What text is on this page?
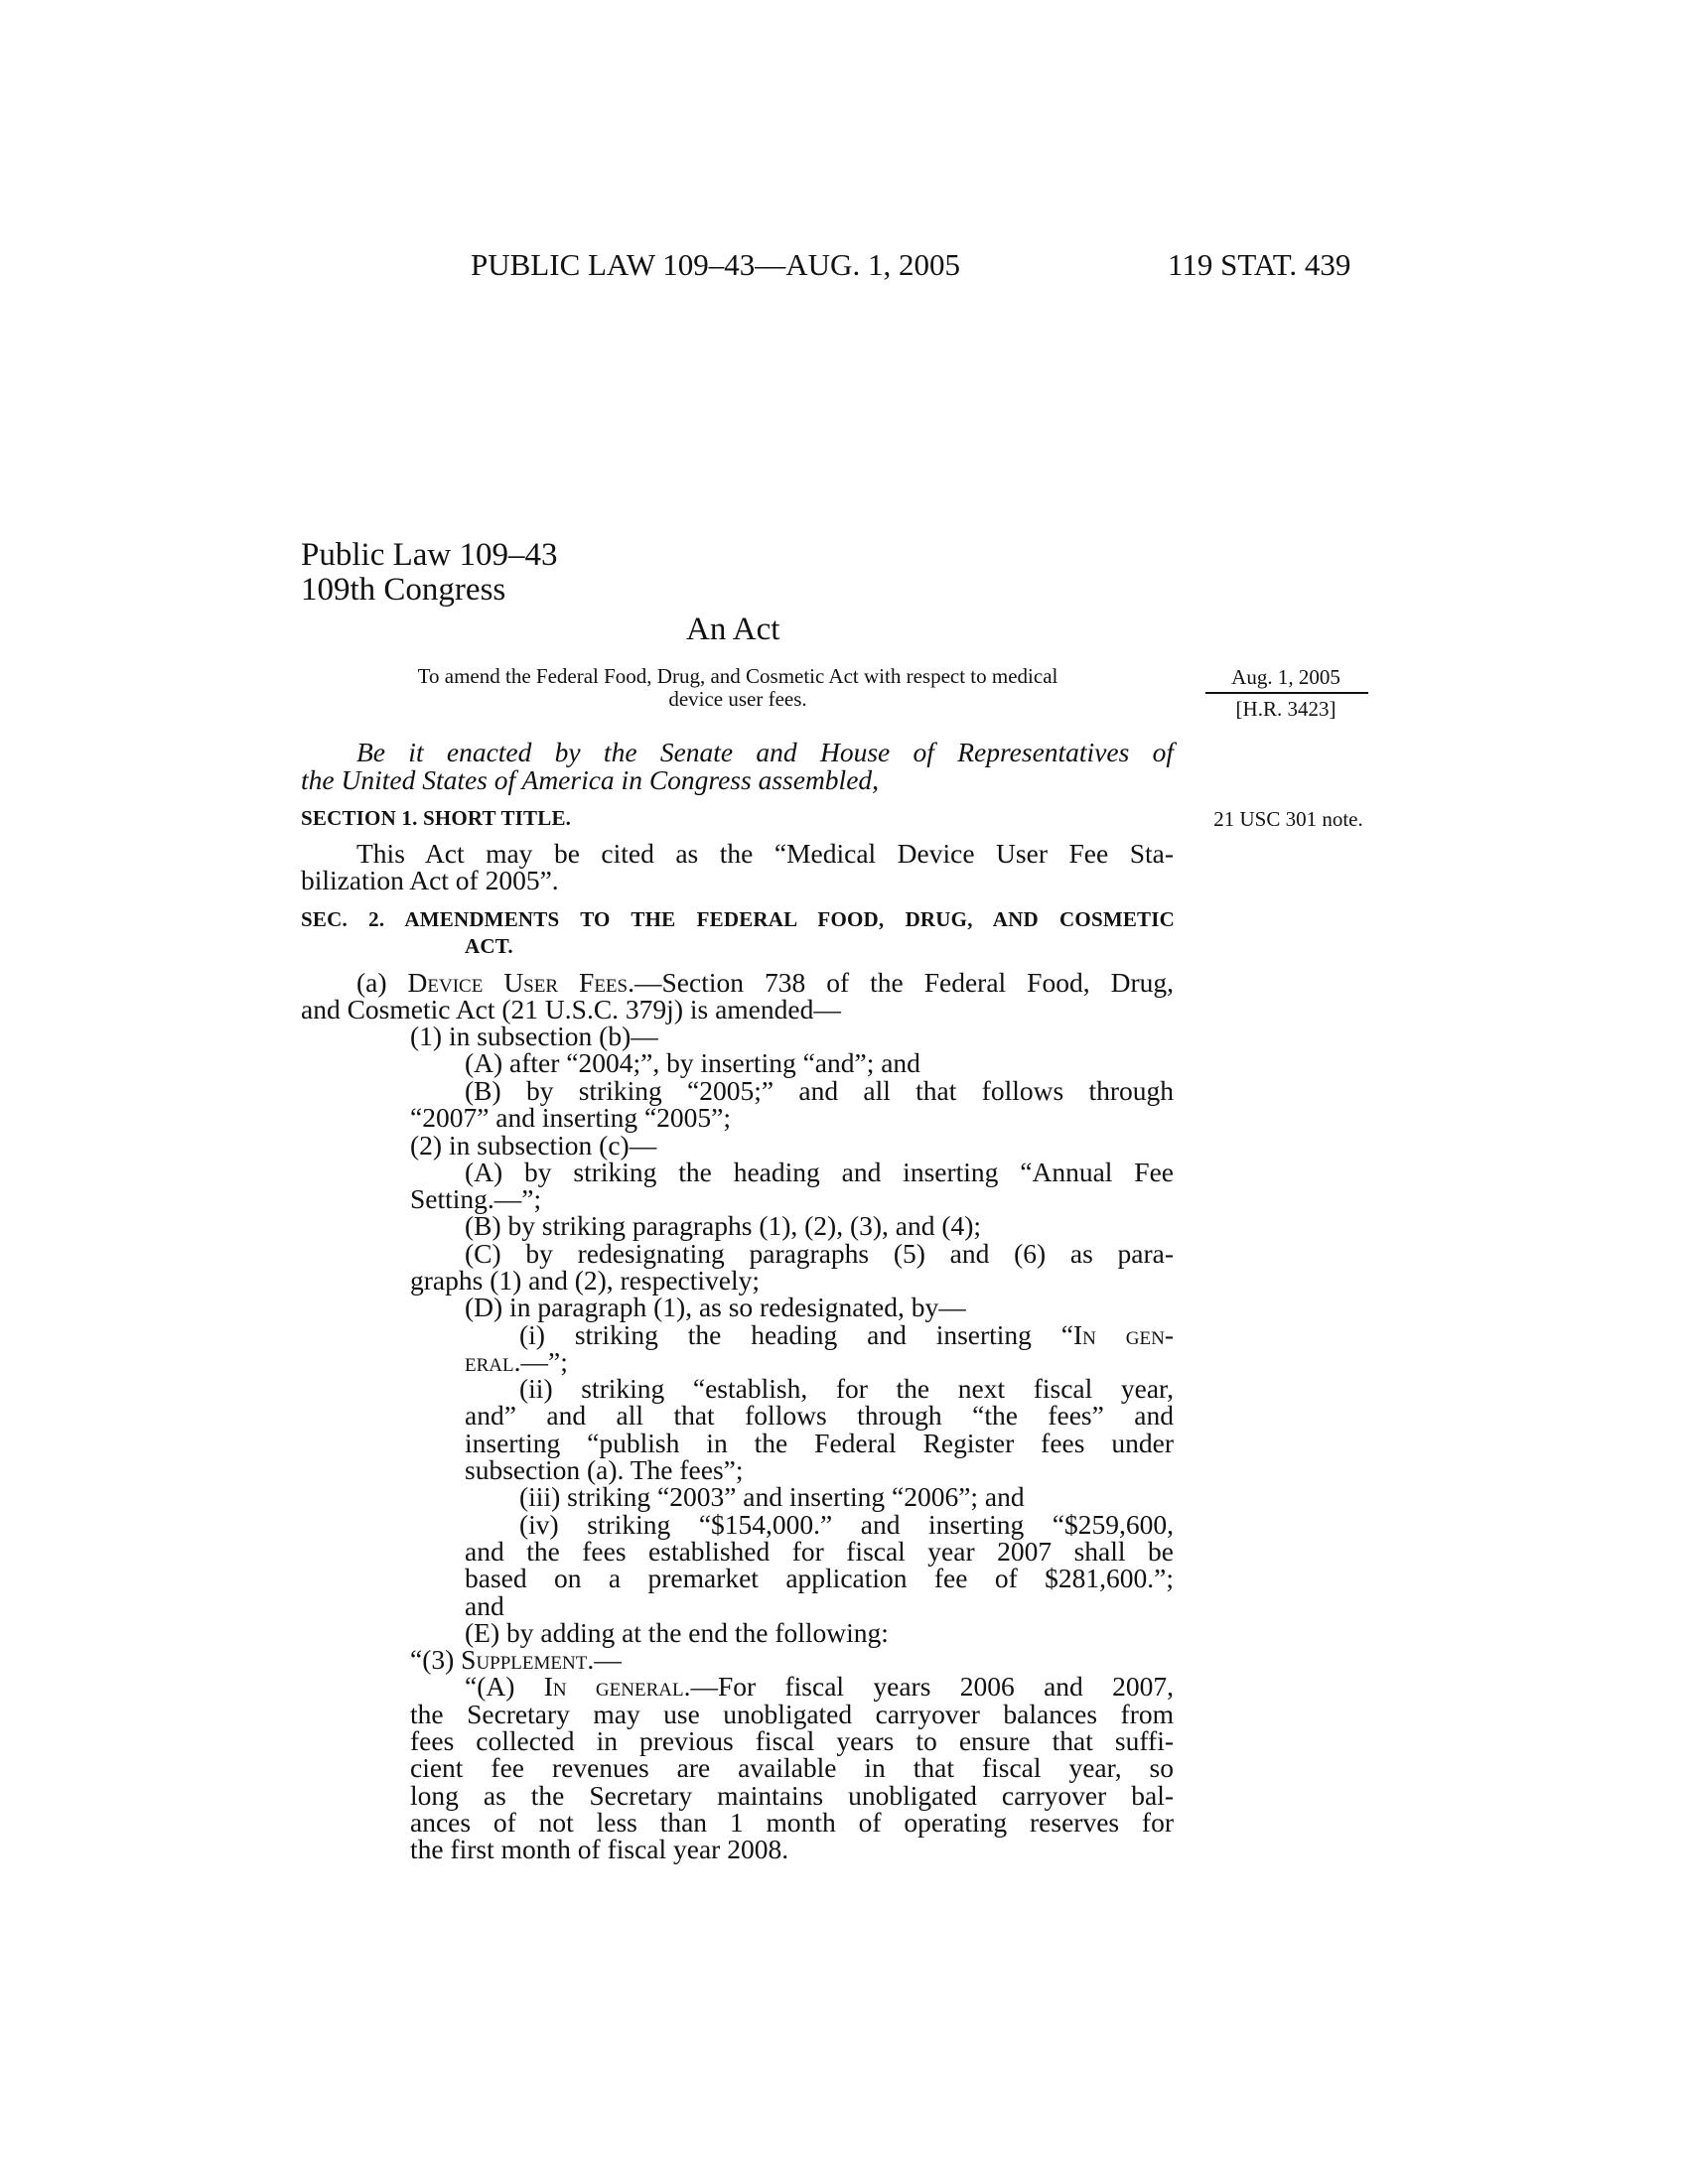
PUBLIC LAW 109–43—AUG. 1, 2005	119 STAT. 439
Public Law 109–43
109th Congress
An Act
To amend the Federal Food, Drug, and Cosmetic Act with respect to medical
device user fees.
Aug. 1, 2005
[H.R. 3423]
21 USC 301 note.
Be it enacted by the Senate and House of Representatives of
the United States of America in Congress assembled,
SECTION 1. SHORT TITLE.
This Act may be cited as the “Medical Device User Fee Sta-
bilization Act of 2005”.
SEC. 2. AMENDMENTS TO THE FEDERAL FOOD, DRUG, AND COSMETIC
ACT.
(a) Device User Fees.—Section 738 of the Federal Food, Drug,
and Cosmetic Act (21 U.S.C. 379j) is amended—
(1) in subsection (b)—
(A) after “2004;”, by inserting “and”; and
(B) by striking “2005;” and all that follows through
“2007” and inserting “2005”;
(2) in subsection (c)—
(A) by striking the heading and inserting “Annual Fee
Setting.—”;
(B) by striking paragraphs (1), (2), (3), and (4);
(C) by redesignating paragraphs (5) and (6) as para-
graphs (1) and (2), respectively;
(D) in paragraph (1), as so redesignated, by—
(i) striking the heading and inserting “In gen-
eral.—”;
(ii) striking “establish, for the next fiscal year,
and” and all that follows through “the fees” and
inserting “publish in the Federal Register fees under
subsection (a). The fees”;
(iii) striking “2003” and inserting “2006”; and
(iv) striking “$154,000.” and inserting “$259,600,
and the fees established for fiscal year 2007 shall be
based on a premarket application fee of $281,600.”;
and
(E) by adding at the end the following:
“(3) Supplement.—
“(A) In general.—For fiscal years 2006 and 2007,
the Secretary may use unobligated carryover balances from
fees collected in previous fiscal years to ensure that suffi-
cient fee revenues are available in that fiscal year, so
long as the Secretary maintains unobligated carryover bal-
ances of not less than 1 month of operating reserves for
the first month of fiscal year 2008.
